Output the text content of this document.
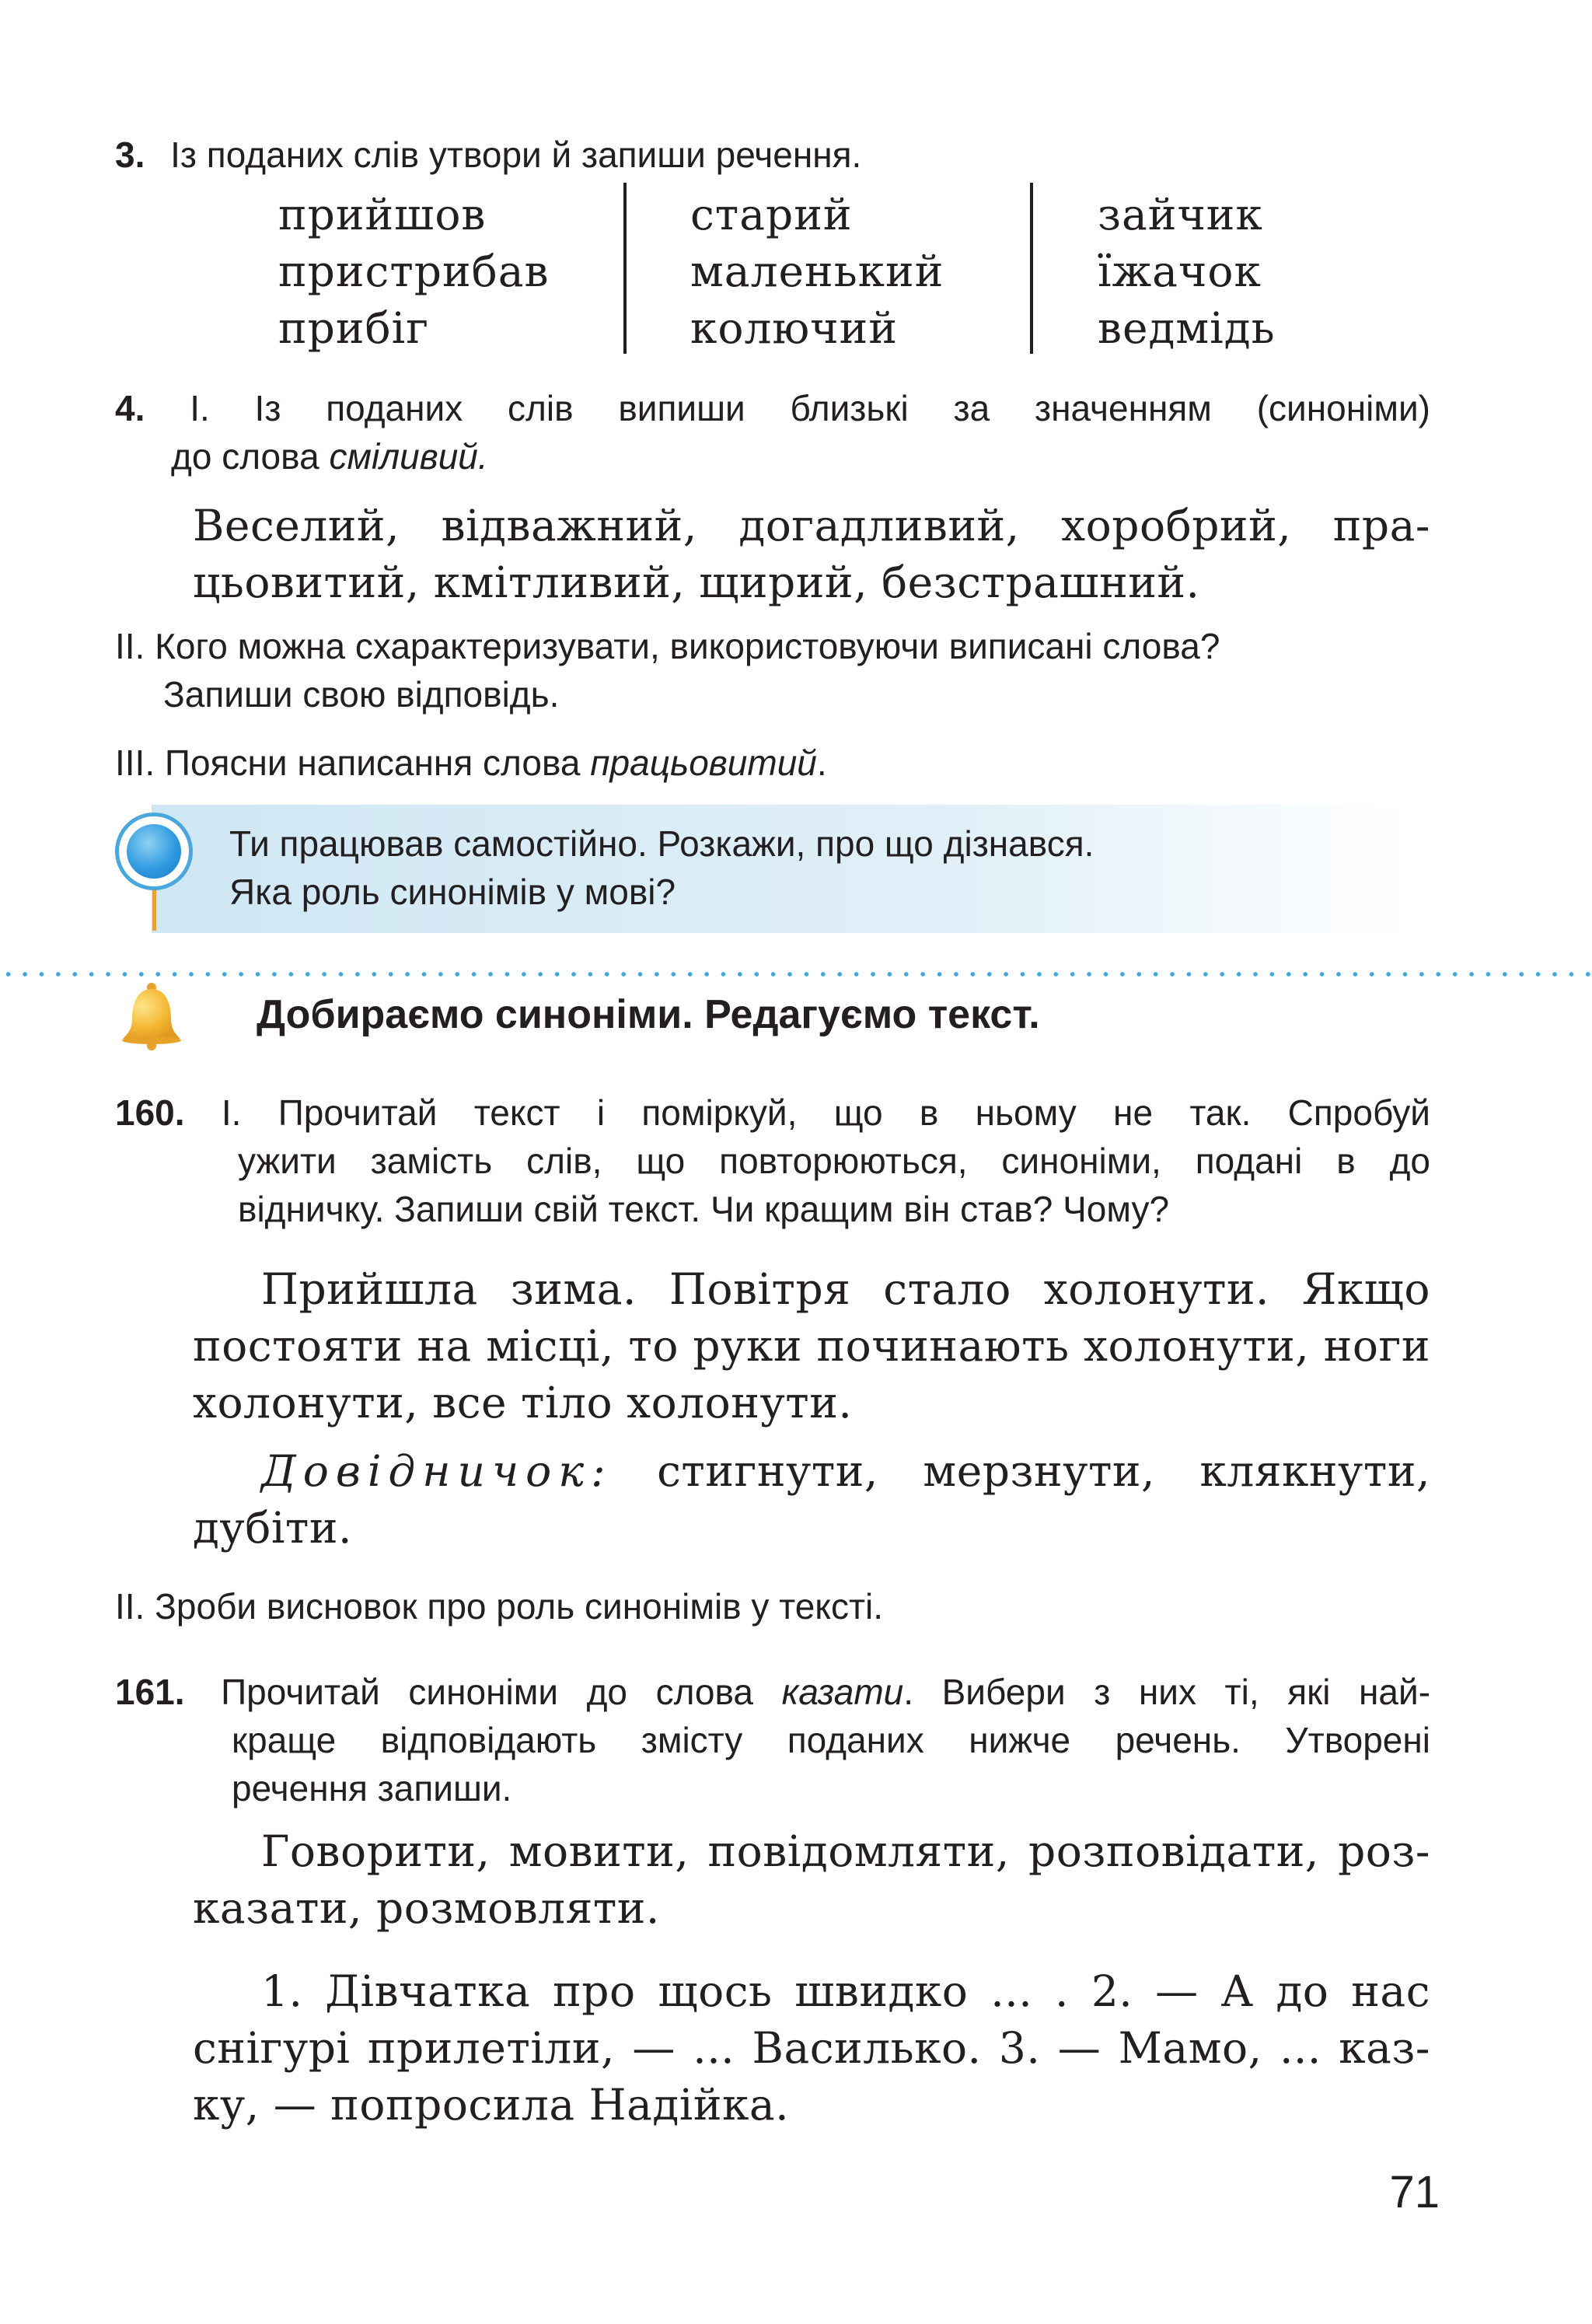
3. Із поданих слів утвори й запиши речення.
прийшов
пристрибав
прибіг
старий
маленький
колючий
зайчик
їжачок
ведмідь
4. І. Із поданих слів випиши близькі за значенням (синоніми)
до слова сміливий.
Веселий, відважний, догадливий, хоробрий, пра-
цьовитий, кмітливий, щирий, безстрашний.
II. Кого можна схарактеризувати, використовуючи виписані слова?
Запиши свою відповідь.
III. Поясни написання слова працьовитий.
Ти працював самостійно. Розкажи, про що дізнався.
Яка роль синонімів у мові?
Добираємо синоніми. Редагуємо текст.
160. І. Прочитай текст і поміркуй, що в ньому не так. Спробуй
ужити замість слів, що повторюються, синоніми, подані в до
відничку. Запиши свій текст. Чи кращим він став? Чому?
Прийшла зима. Повітря стало холонути. Якщо
постояти на місці, то руки починають холонути, ноги
холонути, все тіло холонути.
Довідничок: стигнути, мерзнути, клякнути,
дубіти.
II. Зроби висновок про роль синонімів у тексті.
161. Прочитай синоніми до слова казати. Вибери з них ті, які най-
краще відповідають змісту поданих нижче речень. Утворені
речення запиши.
Говорити, мовити, повідомляти, розповідати, роз-
казати, розмовляти.
1. Дівчатка про щось швидко ... . 2. — А до нас
снігурі прилетіли, — ... Василько. 3. — Мамо, ... каз-
ку, — попросила Надійка.
71
